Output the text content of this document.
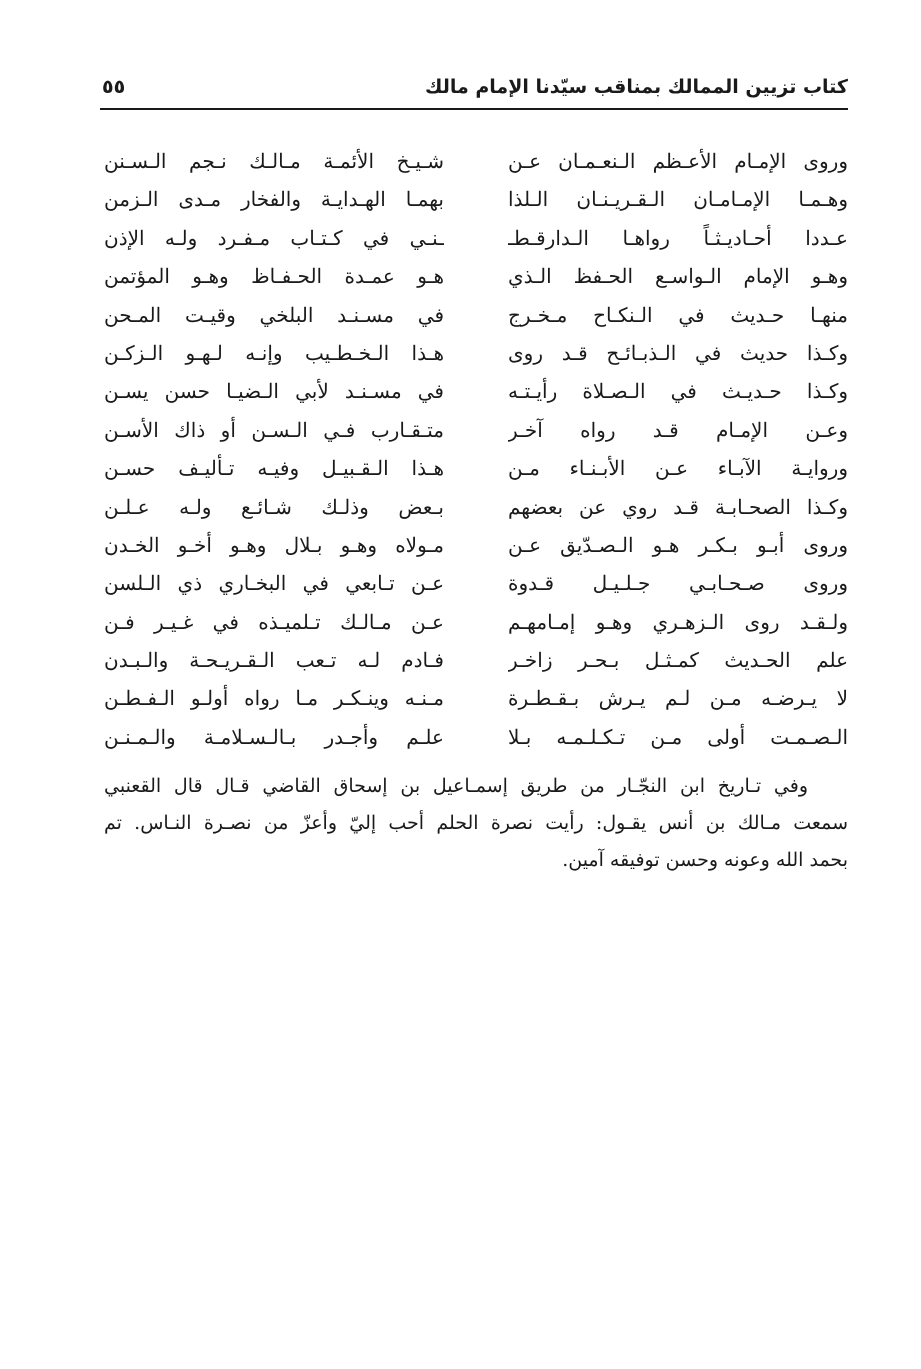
كتاب تزيين الممالك بمناقب سيّدنا الإمام مالك
٥٥
وروى الإمـام الأعـظم الـنعـمـان عـن
شـيـخ الأئمـة مـالـك نـجم الـسـنن
وهـمـا الإمـامـان الـقـريـنـان الـلذا
بهمـا الهـدايـة والفخار مـدى الـزمن
عـددا أحـاديـثـاً رواهـا الـدارقـطـ
ـنـي في كـتـاب مـفـرد ولـه الإذن
وهـو الإمام الـواسـع الحـفظ الـذي
هـو عمـدة الحـفـاظ وهـو المؤتمن
منهـا حـديث في الـنكـاح مـخـرج
في مسـنـد البلخي وقيـت المـحن
وكـذا حديث في الـذبـائـح قـد روى
هـذا الـخـطـيب وإنـه لـهـو الـزكـن
وكـذا حـديـث في الـصـلاة رأيـتـه
في مسـنـد لأبي الـضيـا حسن يسـن
وعـن الإمـام قـد رواه آخـر
متـقـارب فـي الـسـن أو ذاك الأسـن
وروايـة الآبـاء عـن الأبـنـاء مـن
هـذا الـقـبيـل وفيـه تـأليـف حسـن
وكـذا الصحـابـة قـد روي عن بعضهم
بـعض وذلـك شـائـع ولـه عـلـن
وروى أبـو بـكـر هـو الـصـدّيق عـن
مـولاه وهـو بـلال وهـو أخـو الخـدن
وروى صـحـابـي جـلـيـل قـدوة
عـن تـابعي في البخـاري ذي الـلسن
ولـقـد روى الـزهـري وهـو إمـامهـم
عـن مـالـك تـلميـذه في غـيـر فـن
علم الحـديث كمـثـل بـحـر زاخـر
فـادم لـه تـعب الـقـريـحـة والـبـدن
لا يـرضـه مـن لـم يـرش بـقـطـرة
مـنـه وينـكـر مـا رواه أولـو الـفـطـن
الـصـمـت أولى مـن تـكـلـمـه بـلا
علـم وأجـدر بـالـسـلامـة والـمـنـن
وفي تـاريخ ابن النجّـار من طريق إسمـاعيل بن إسحاق القاضي قـال قال القعنبي
سمعت مـالك بن أنس يقـول: رأيت نصرة الحلم أحب إليّ وأعزّ من نصـرة النـاس. تم
بحمد الله وعونه وحسن توفيقه آمين.
